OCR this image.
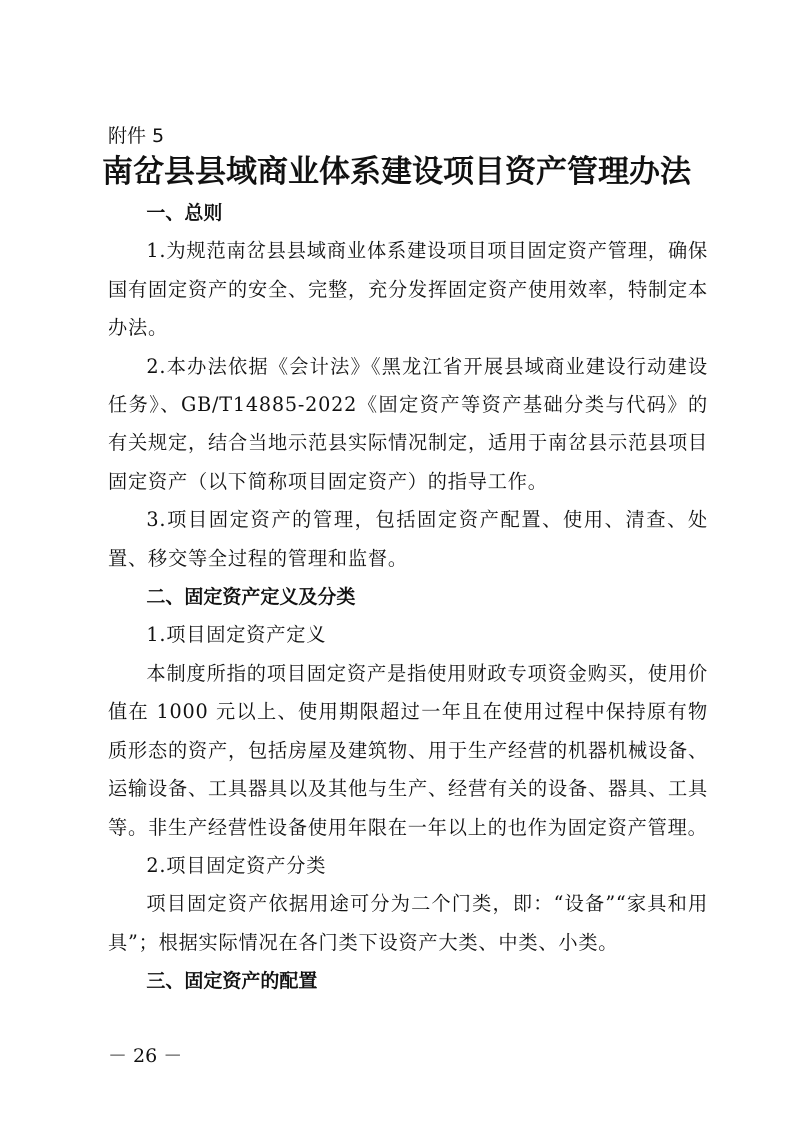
附件 5
南岔县县域商业体系建设项目资产管理办法

一、总则

1.为规范南岔县县域商业体系建设项目项目固定资产管理，确保国有固定资产的安全、完整，充分发挥固定资产使用效率，特制定本办法。

2.本办法依据《会计法》《黑龙江省开展县域商业建设行动建设任务》、GB/T14885-2022《固定资产等资产基础分类与代码》的有关规定，结合当地示范县实际情况制定，适用于南岔县示范县项目固定资产（以下简称项目固定资产）的指导工作。

3.项目固定资产的管理，包括固定资产配置、使用、清查、处置、移交等全过程的管理和监督。

二、固定资产定义及分类

1.项目固定资产定义

本制度所指的项目固定资产是指使用财政专项资金购买，使用价值在 1000 元以上、使用期限超过一年且在使用过程中保持原有物质形态的资产，包括房屋及建筑物、用于生产经营的机器机械设备、运输设备、工具器具以及其他与生产、经营有关的设备、器具、工具等。非生产经营性设备使用年限在一年以上的也作为固定资产管理。

2.项目固定资产分类

项目固定资产依据用途可分为二个门类，即：“设备”“家具和用具”；根据实际情况在各门类下设资产大类、中类、小类。

三、固定资产的配置

－ 26 －
